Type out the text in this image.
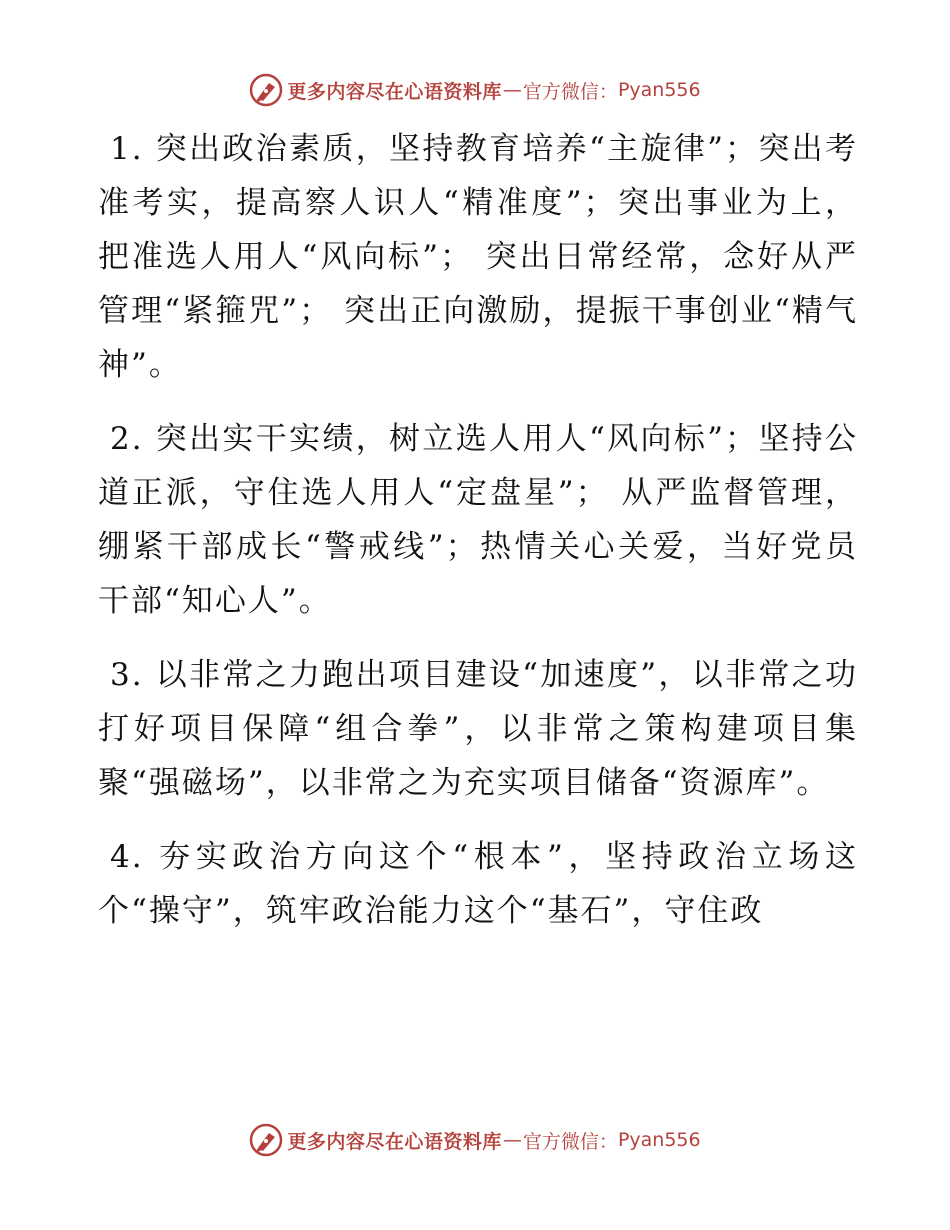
更多内容尽在心语资料库 — 官方微信： Pyan556

1. 突出政治素质，坚持教育培养“主旋律”；突出考准考实，提高察人识人“精准度”；突出事业为上，把准选人用人“风向标”； 突出日常经常，念好从严管理“紧箍咒”； 突出正向激励，提振干事创业“精气神”。

2. 突出实干实绩，树立选人用人“风向标”；坚持公道正派，守住选人用人“定盘星”； 从严监督管理，绷紧干部成长“警戒线”；热情关心关爱，当好党员干部“知心人”。

3. 以非常之力跑出项目建设“加速度”，以非常之功打好项目保障“组合拳”，以非常之策构建项目集聚“强磁场”，以非常之为充实项目储备“资源库”。

4. 夯实政治方向这个“根本”，坚持政治立场这个“操守”，筑牢政治能力这个“基石”，守住政

更多内容尽在心语资料库 — 官方微信： Pyan556
